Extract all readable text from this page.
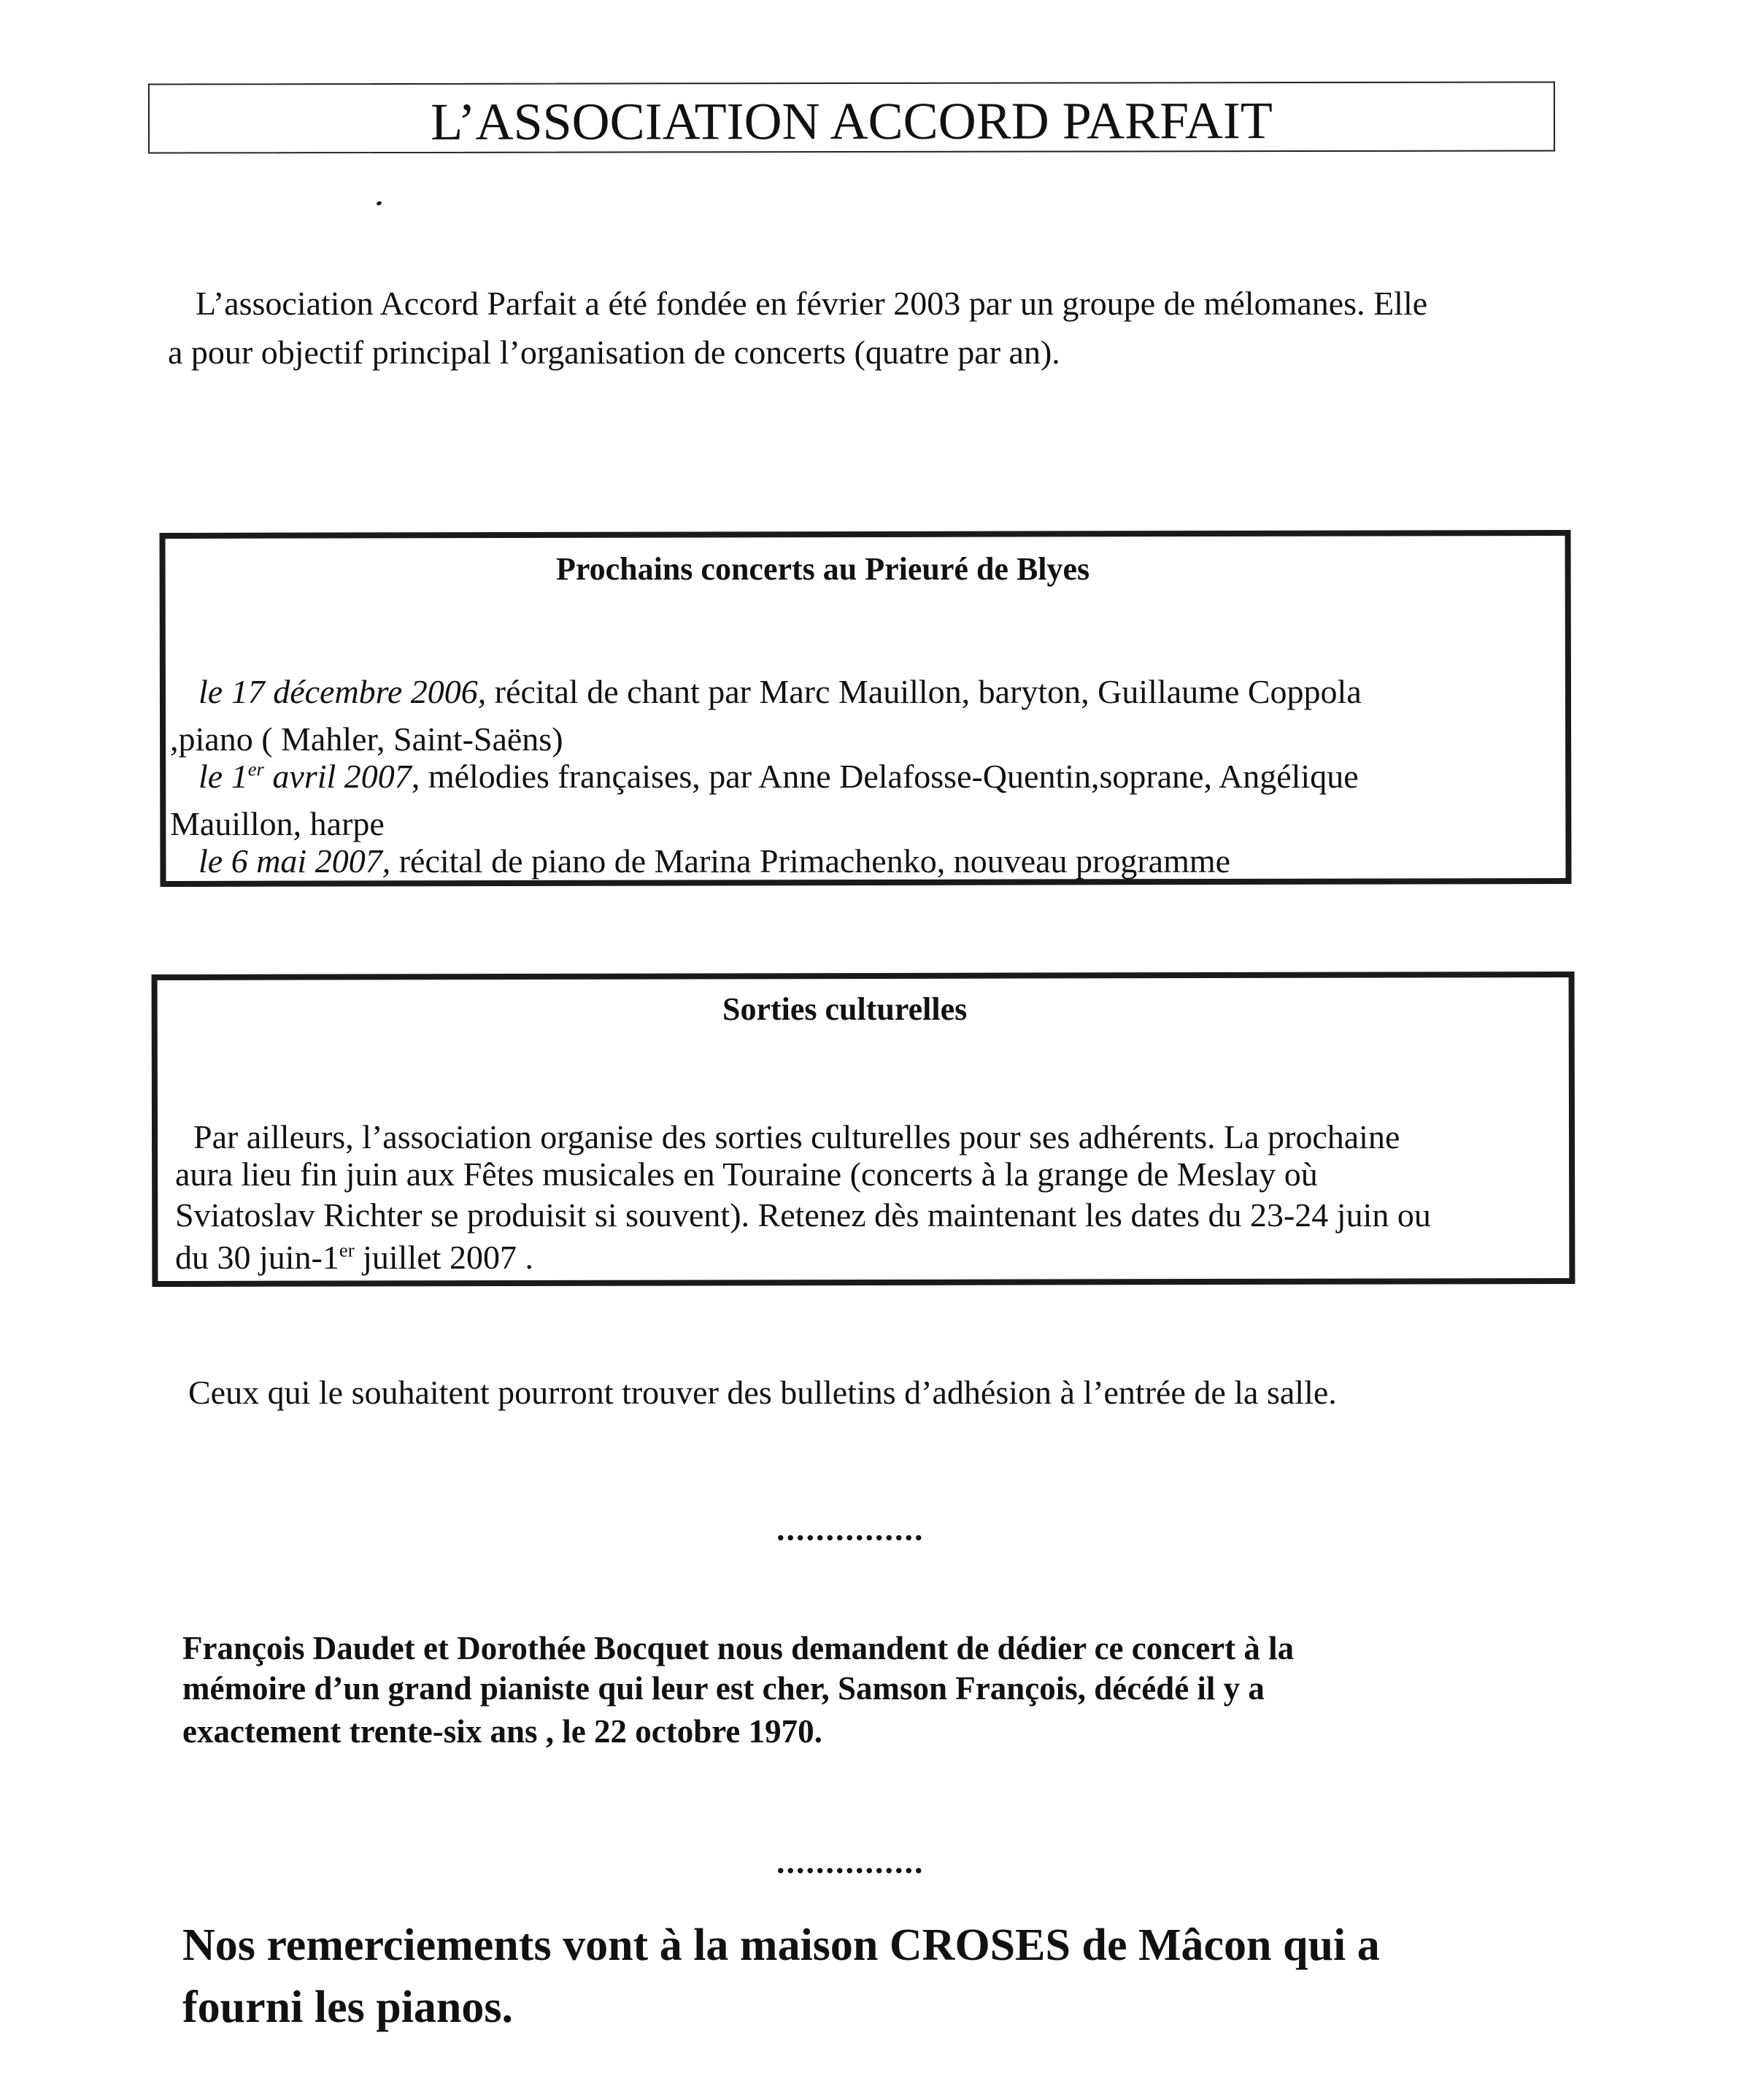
L’ASSOCIATION ACCORD PARFAIT
L’association Accord Parfait a été fondée en février 2003 par un groupe de mélomanes. Elle
a pour objectif principal l’organisation de concerts (quatre par an).
Prochains concerts au Prieuré de Blyes
le 17 décembre 2006, récital de chant par Marc Mauillon, baryton, Guillaume Coppola
,piano ( Mahler, Saint-Saëns)
le 1er avril 2007, mélodies françaises, par Anne Delafosse-Quentin,soprane, Angélique
Mauillon, harpe
le 6 mai 2007, récital de piano de Marina Primachenko, nouveau programme
Sorties culturelles
Par ailleurs, l’association organise des sorties culturelles pour ses adhérents. La prochaine
aura lieu fin juin aux Fêtes musicales en Touraine (concerts à la grange de Meslay où
Sviatoslav Richter se produisit si souvent). Retenez dès maintenant les dates du 23-24 juin ou
du 30 juin-1er juillet 2007 .
Ceux qui le souhaitent pourront trouver des bulletins d’adhésion à l’entrée de la salle.
...............
François Daudet et Dorothée Bocquet nous demandent de dédier ce concert à la
mémoire d’un grand pianiste qui leur est cher, Samson François, décédé il y a
exactement trente-six ans , le 22 octobre 1970.
...............
Nos remerciements vont à la maison CROSES de Mâcon qui a
fourni les pianos.
